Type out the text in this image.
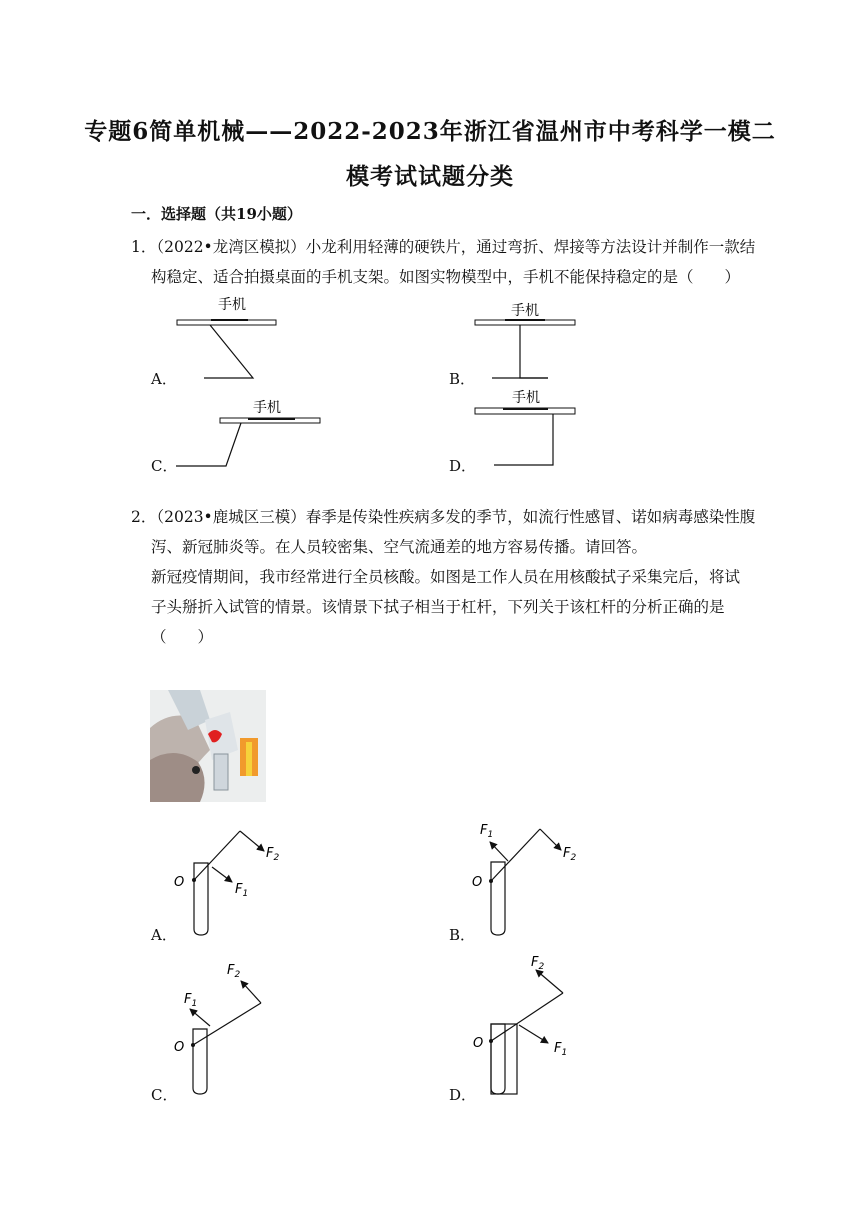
专题6简单机械——2022-2023年浙江省温州市中考科学一模二
模考试试题分类
一．选择题（共19小题）
1．（2022•龙湾区模拟）小龙利用轻薄的硬铁片，通过弯折、焊接等方法设计并制作一款结
构稳定、适合拍摄桌面的手机支架。如图实物模型中，手机不能保持稳定的是（　　）
手机	手机
手机
手机
O	$F_1$
$F_2$
O
$F_1$
$F_2$
O
$F_1$
$F_2$
O	$F_1$
$F_2$
A．	B．
C．	D．
2．（2023•鹿城区三模）春季是传染性疾病多发的季节，如流行性感冒、诺如病毒感染性腹
泻、新冠肺炎等。在人员较密集、空气流通差的地方容易传播。请回答。
新冠疫情期间，我市经常进行全员核酸。如图是工作人员在用核酸拭子采集完后，将试
子头掰折入试管的情景。该情景下拭子相当于杠杆，下列关于该杠杆的分析正确的是
（　　）
A．	B．
C．	D．
